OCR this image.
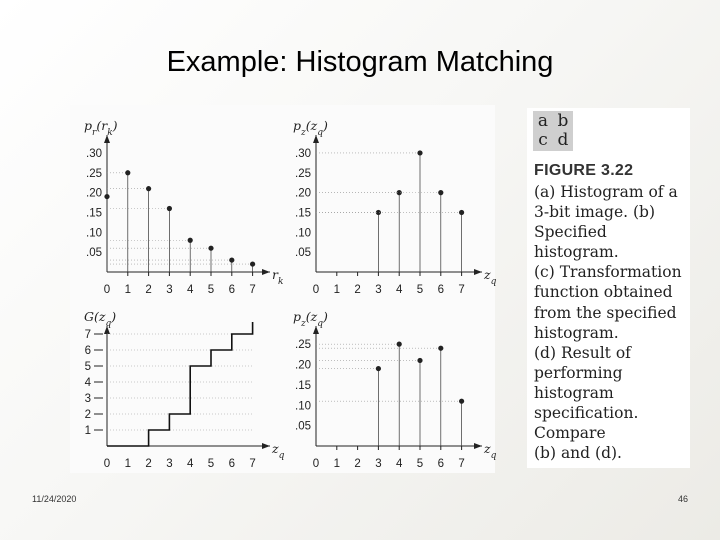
Example: Histogram Matching
$p_r(r_k)$
$r_k$
0 1 2 3 4 5 6 7
.05
.10
.15
.20
.25
.30
$p_z(z_q)$
$z_q$
0 1 2 3 4 5 6 7
.05
.10
.15
.20
.25
.30
$G(z_q)$
$z_q$
0 1 2 3 4 5 6 7
1
2
3
4
5
6
7
$p_z(z_q)$
$z_q$
0 1 2 3 4 5 6 7
.05
.10
.15
.20
.25
a b
c d
FIGURE 3.22
(a) Histogram of a
3-bit image. (b)
Specified
histogram.
(c) Transformation
function obtained
from the specified
histogram.
(d) Result of
performing
histogram
specification.
Compare
(b) and (d).
11/24/2020	46
